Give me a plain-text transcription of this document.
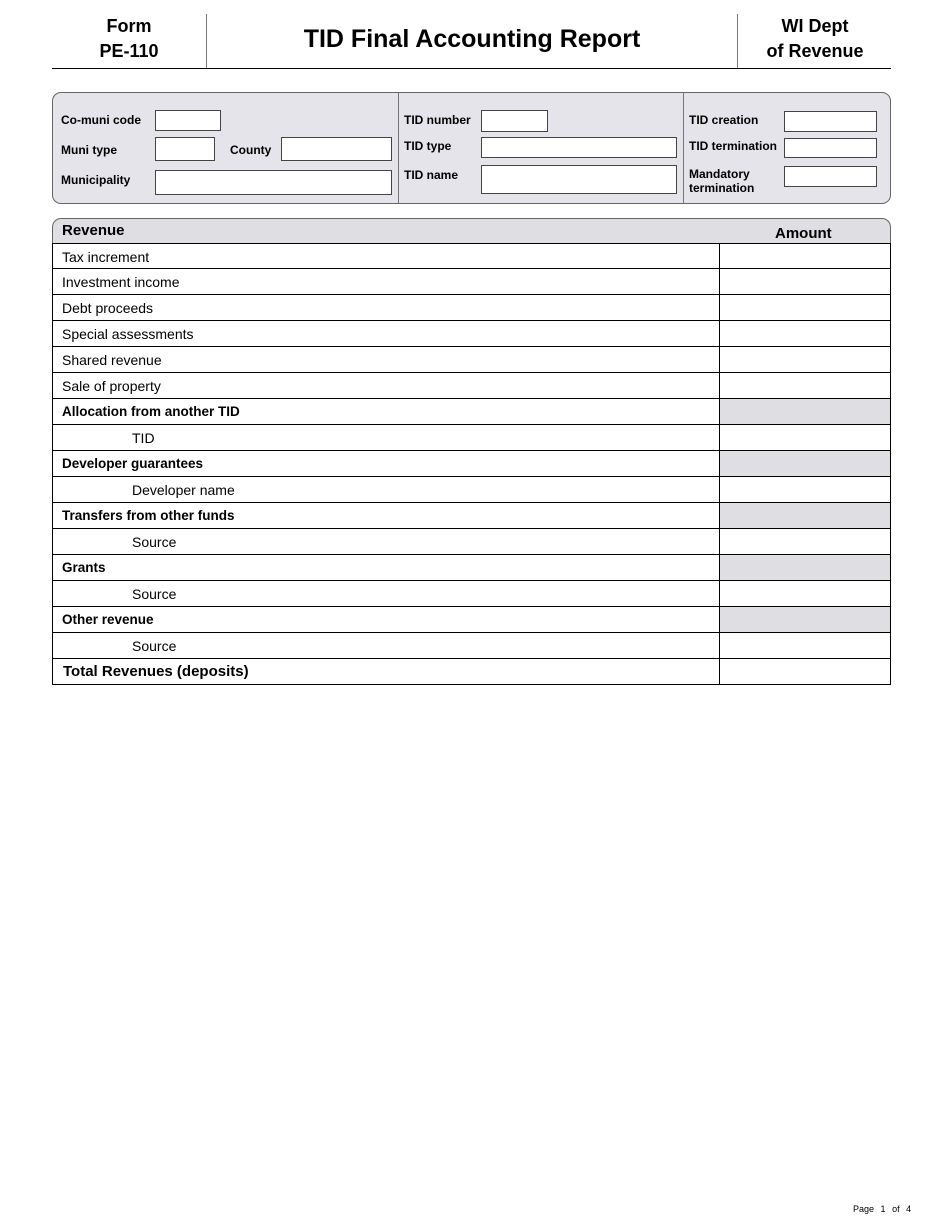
Form
PE-110	TID Final Accounting Report	WI Dept
of Revenue
Co-muni code
Muni type	County
Municipality
TID number
TID type
TID name
TID creation
TID termination
Mandatory
termination
Revenue	Amount
Tax increment
Investment income
Debt proceeds
Special assessments
Shared revenue
Sale of property
Allocation from another TID
TID
Developer guarantees
Developer name
Transfers from other funds
Source
Grants
Source
Other revenue
Source
Total Revenues (deposits)
Page 1 of 4
